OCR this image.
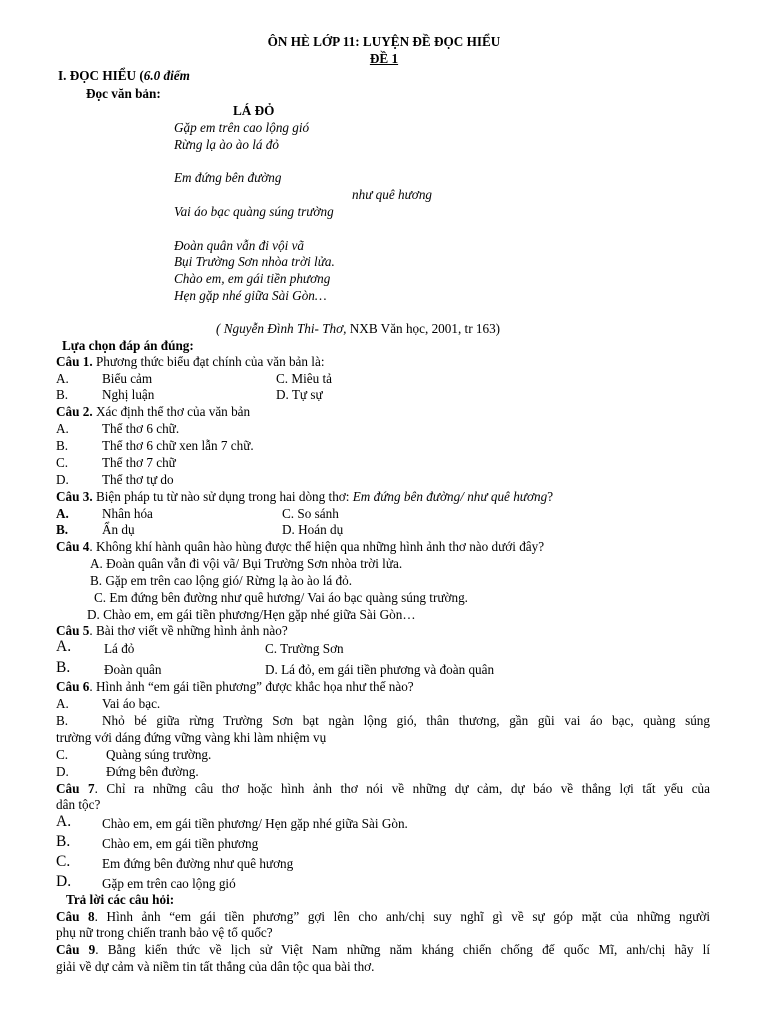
ÔN HÈ LỚP 11: LUYỆN ĐỀ ĐỌC HIỂU
ĐỀ 1
I. ĐỌC HIỂU (6.0 điểm
Đọc văn bản:
LÁ ĐỎ
Gặp em trên cao lộng gió
Rừng lạ ào ào lá đỏ
Em đứng bên đường
như quê hương
Vai áo bạc quàng súng trường
Đoàn quân vẫn đi vội vã
Bụi Trường Sơn nhòa trời lửa.
Chào em, em gái tiền phương
Hẹn gặp nhé giữa Sài Gòn…
( Nguyễn Đình Thi- Thơ, NXB Văn học, 2001, tr 163)
Lựa chọn đáp án đúng:
Câu 1. Phương thức biểu đạt chính của văn bản là:
A.	Biểu cảm	C. Miêu tả
B.	Nghị luận	D. Tự sự
Câu 2. Xác định thể thơ của văn bản
A.	Thể thơ 6 chữ.
B.	Thể thơ 6 chữ xen lẫn 7 chữ.
C.	Thể thơ 7 chữ
D.	Thể thơ tự do
Câu 3. Biện pháp tu từ nào sử dụng trong hai dòng thơ: Em đứng bên đường/ như quê hương?
A.	Nhân hóa	C. So sánh
B.	Ẩn dụ	D. Hoán dụ
Câu 4. Không khí hành quân hào hùng được thể hiện qua những hình ảnh thơ nào dưới đây?
A. Đoàn quân vẫn đi vội vã/ Bụi Trường Sơn nhòa trời lửa.
B. Gặp em trên cao lộng gió/ Rừng lạ ào ào lá đỏ.
C. Em đứng bên đường như quê hương/ Vai áo bạc quàng súng trường.
D. Chào em, em gái tiền phương/Hẹn gặp nhé giữa Sài Gòn…
Câu 5. Bài thơ viết về những hình ảnh nào?
A. Lá đỏ	C. Trường Sơn
B.	Đoàn quân	D. Lá đỏ, em gái tiền phương và đoàn quân
Câu 6. Hình ảnh “em gái tiền phương” được khắc họa như thế nào?
A.	Vai áo bạc.
B.	Nhỏ bé giữa rừng Trường Sơn bạt ngàn lộng gió, thân thương, gần gũi vai áo bạc, quàng súng
trường với dáng đứng vững vàng khi làm nhiệm vụ
C.	Quàng súng trường.
D.	Đứng bên đường.
Câu 7. Chỉ ra những câu thơ hoặc hình ảnh thơ nói về những dự cảm, dự báo về thắng lợi tất yếu của
dân tộc?
A. Chào em, em gái tiền phương/ Hẹn gặp nhé giữa Sài Gòn.
B. Chào em, em gái tiền phương
C. Em đứng bên đường như quê hương
D. Gặp em trên cao lộng gió
Trả lời các câu hỏi:
Câu 8. Hình ảnh “em gái tiền phương” gợi lên cho anh/chị suy nghĩ gì về sự góp mặt của những người
phụ nữ trong chiến tranh bảo vệ tổ quốc?
Câu 9. Bằng kiến thức về lịch sử Việt Nam những năm kháng chiến chống đế quốc Mĩ, anh/chị hãy lí
giải về dự cảm và niềm tin tất thắng của dân tộc qua bài thơ.
